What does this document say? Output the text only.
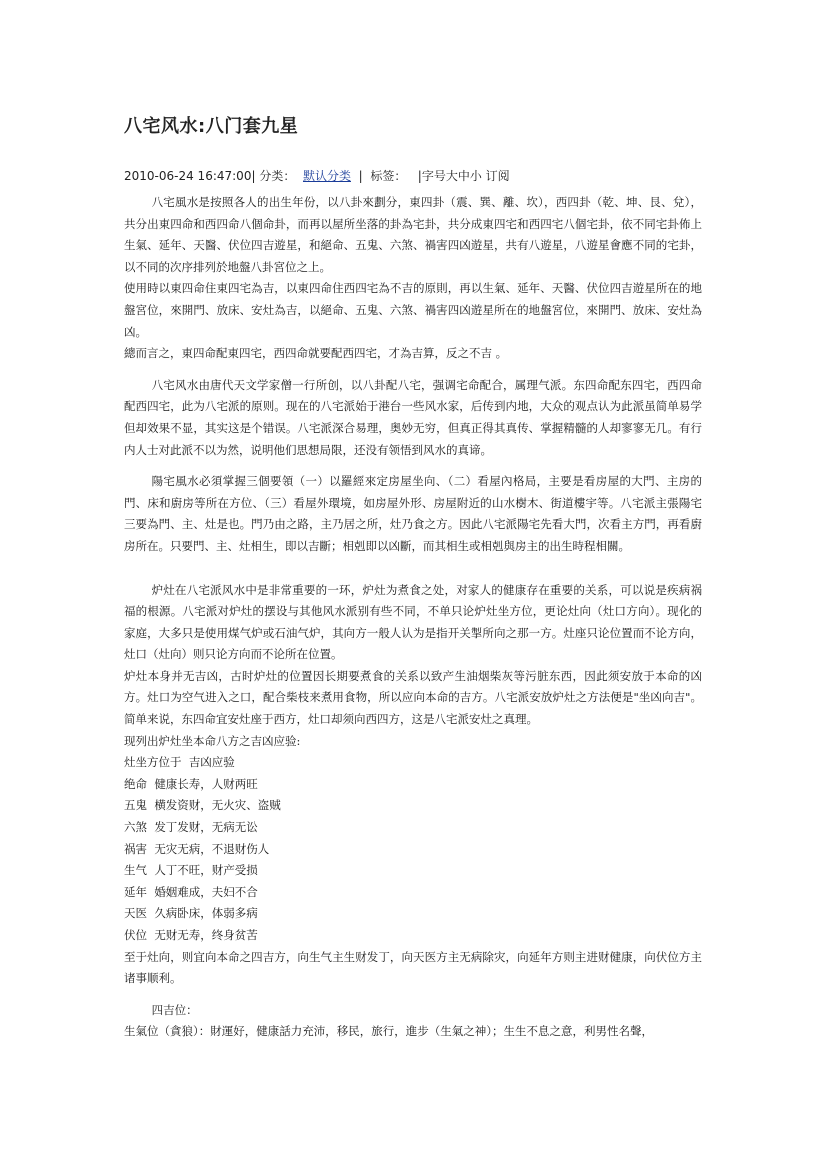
八宅风水:八门套九星
2010-06-24 16:47:00| 分类： 默认分类 | 标签： |字号大中小 订阅

八宅風水是按照各人的出生年份，以八卦來劃分，東四卦（震、巽、離、坎），西四卦（乾、坤、艮、兌），共分出東四命和西四命八個命卦，而再以屋所坐落的卦為宅卦，共分成東四宅和西四宅八個宅卦，依不同宅卦佈上生氣、延年、天醫、伏位四吉遊星，和絕命、五鬼、六煞、禍害四凶遊星，共有八遊星，八遊星會應不同的宅卦，以不同的次序排列於地盤八卦宮位之上。

使用時以東四命住東四宅為吉，以東四命住西四宅為不吉的原則，再以生氣、延年、天醫、伏位四吉遊星所在的地盤宮位，來開門、放床、安灶為吉，以絕命、五鬼、六煞、禍害四凶遊星所在的地盤宮位，來開門、放床、安灶為凶。

總而言之，東四命配東四宅，西四命就要配西四宅，才為吉算，反之不吉 。

八宅风水由唐代天文学家僧一行所创，以八卦配八宅，强调宅命配合，属理气派。东四命配东四宅，西四命配西四宅，此为八宅派的原则。现在的八宅派始于港台一些风水家，后传到内地，大众的观点认为此派虽简单易学但却效果不显，其实这是个错误。八宅派深合易理，奥妙无穷，但真正得其真传、掌握精髓的人却寥寥无几。有行内人士对此派不以为然，说明他们思想局限，还没有领悟到风水的真谛。

陽宅風水必須掌握三個要領（一）以羅經來定房屋坐向、（二）看屋內格局，主要是看房屋的大門、主房的門、床和廚房等所在方位、（三）看屋外環境，如房屋外形、房屋附近的山水樹木、街道樓宇等。八宅派主張陽宅三要為門、主、灶是也。門乃由之路，主乃居之所，灶乃食之方。因此八宅派陽宅先看大門，次看主方門，再看廚房所在。只要門、主、灶相生，即以吉斷；相剋即以凶斷，而其相生或相剋與房主的出生時程相關。

炉灶在八宅派风水中是非常重要的一环，炉灶为煮食之处，对家人的健康存在重要的关系，可以说是疾病祸福的根源。八宅派对炉灶的摆设与其他风水派别有些不同，不单只论炉灶坐方位，更论灶向（灶口方向）。现化的家庭，大多只是使用煤气炉或石油气炉，其向方一般人认为是指开关掣所向之那一方。灶座只论位置而不论方向，灶口（灶向）则只论方向而不论所在位置。

炉灶本身并无吉凶，古时炉灶的位置因长期要煮食的关系以致产生油烟柴灰等污脏东西，因此须安放于本命的凶方。灶口为空气进入之口，配合柴枝来煮用食物，所以应向本命的吉方。八宅派安放炉灶之方法便是"坐凶向吉"。简单来说，东四命宜安灶座于西方，灶口却须向西四方，这是八宅派安灶之真理。

现列出炉灶坐本命八方之吉凶应验:

灶坐方位于 吉凶应验

绝命 健康长寿，人财两旺

五鬼 横发资财，无火灾、盗贼

六煞 发丁发财，无病无讼

祸害 无灾无病，不退财伤人

生气 人丁不旺，财产受损

延年 婚姻难成，夫妇不合

天医 久病卧床，体弱多病

伏位 无财无寿，终身贫苦

至于灶向，则宜向本命之四吉方，向生气主生财发丁，向天医方主无病除灾，向延年方则主进财健康，向伏位方主诸事顺利。

四吉位：

生氣位（貪狼）：財運好，健康話力充沛，移民，旅行，進步（生氣之神）；生生不息之意，利男性名聲，
